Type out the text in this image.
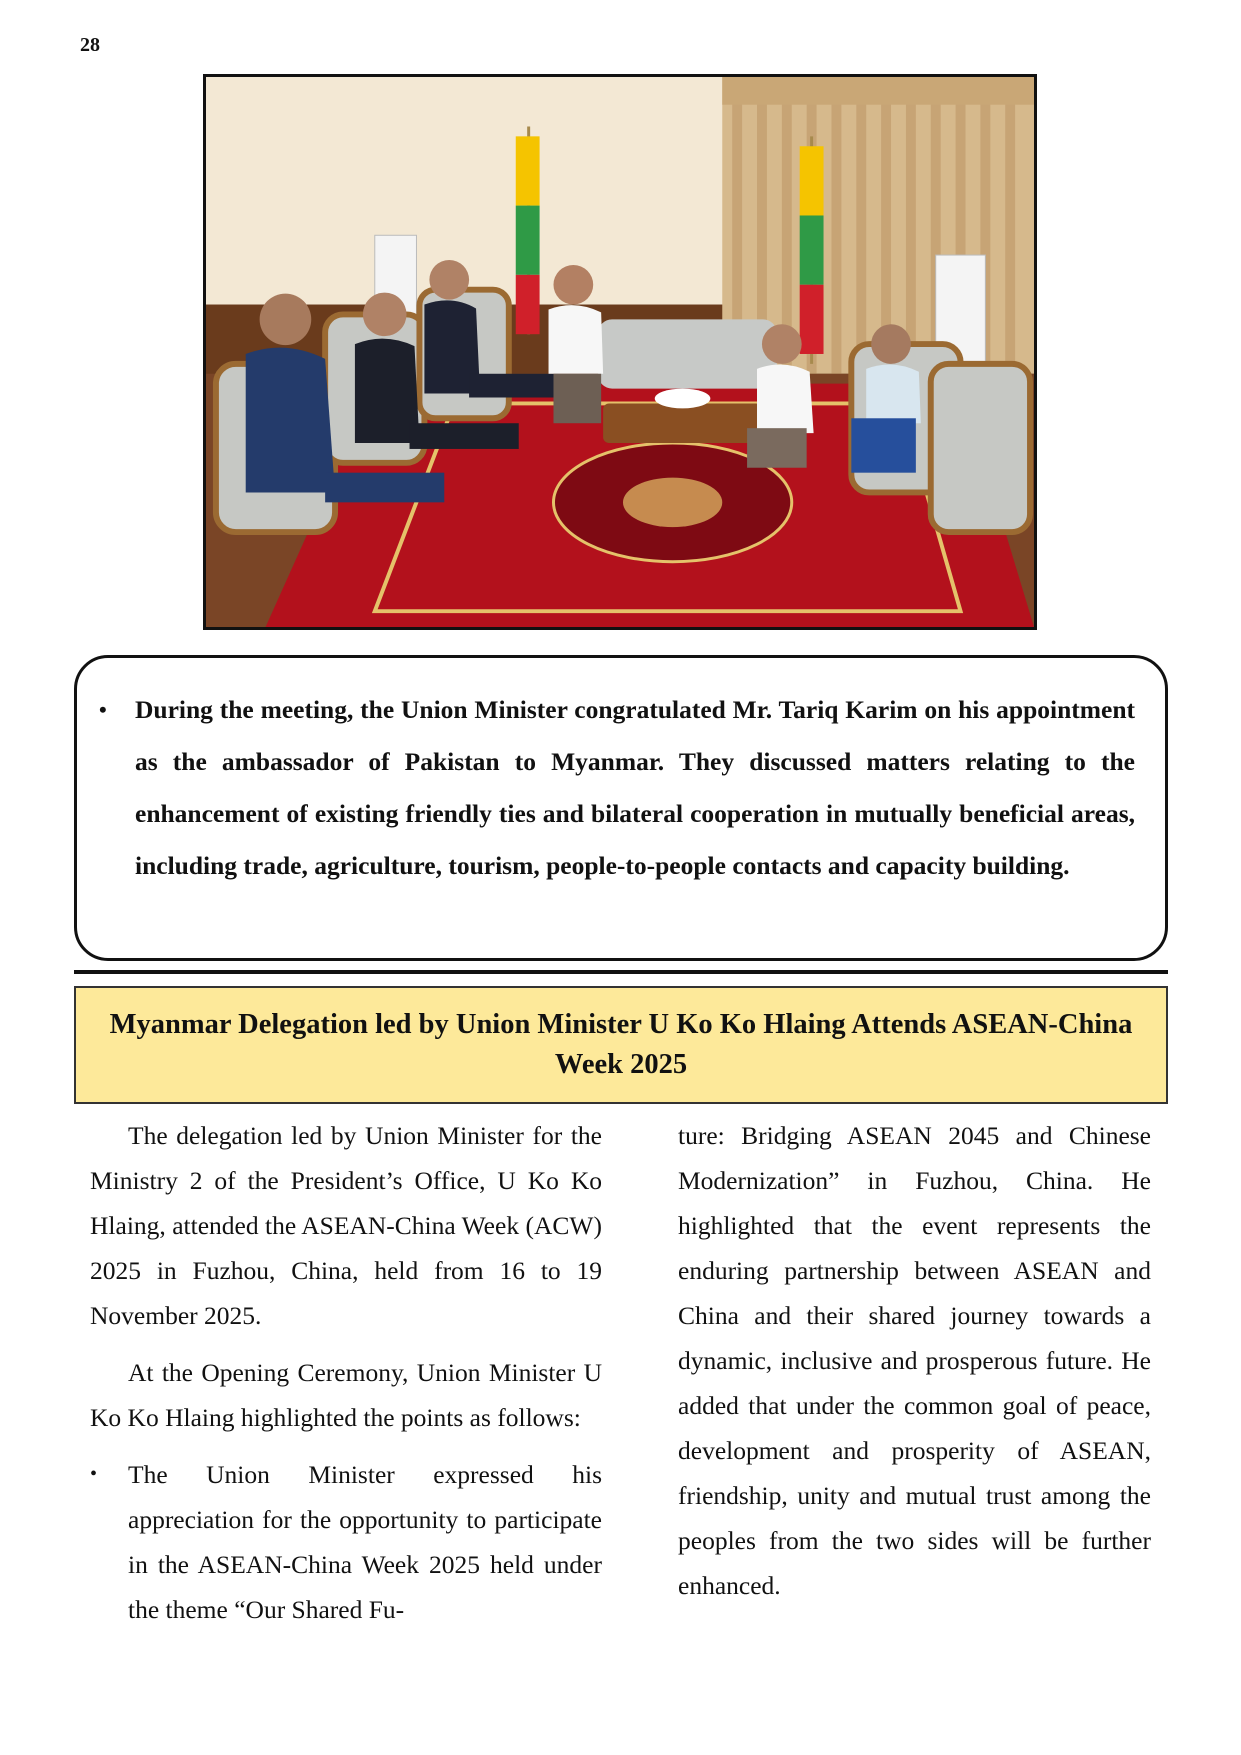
28
• During the meeting, the Union Minister congratulated Mr. Tariq Karim on his appointment as the ambassador of Pakistan to Myanmar. They discussed matters relating to the enhancement of existing friendly ties and bilateral cooperation in mutually beneficial areas, including trade, agriculture, tourism, people-to-people contacts and capacity building.
Myanmar Delegation led by Union Minister U Ko Ko Hlaing Attends ASEAN-China Week 2025

The delegation led by Union Minister for the Ministry 2 of the President’s Office, U Ko Ko Hlaing, attended the ASEAN-China Week (ACW) 2025 in Fuzhou, China, held from 16 to 19 November 2025.

At the Opening Ceremony, Union Minister U Ko Ko Hlaing highlighted the points as follows:

• The Union Minister expressed his appreciation for the opportunity to participate in the ASEAN-China Week 2025 held under the theme “Our Shared Fu-

ture: Bridging ASEAN 2045 and Chinese Modernization” in Fuzhou, China. He highlighted that the event represents the enduring partnership between ASEAN and China and their shared journey towards a dynamic, inclusive and prosperous future. He added that under the common goal of peace, development and prosperity of ASEAN, friendship, unity and mutual trust among the peoples from the two sides will be further enhanced.
